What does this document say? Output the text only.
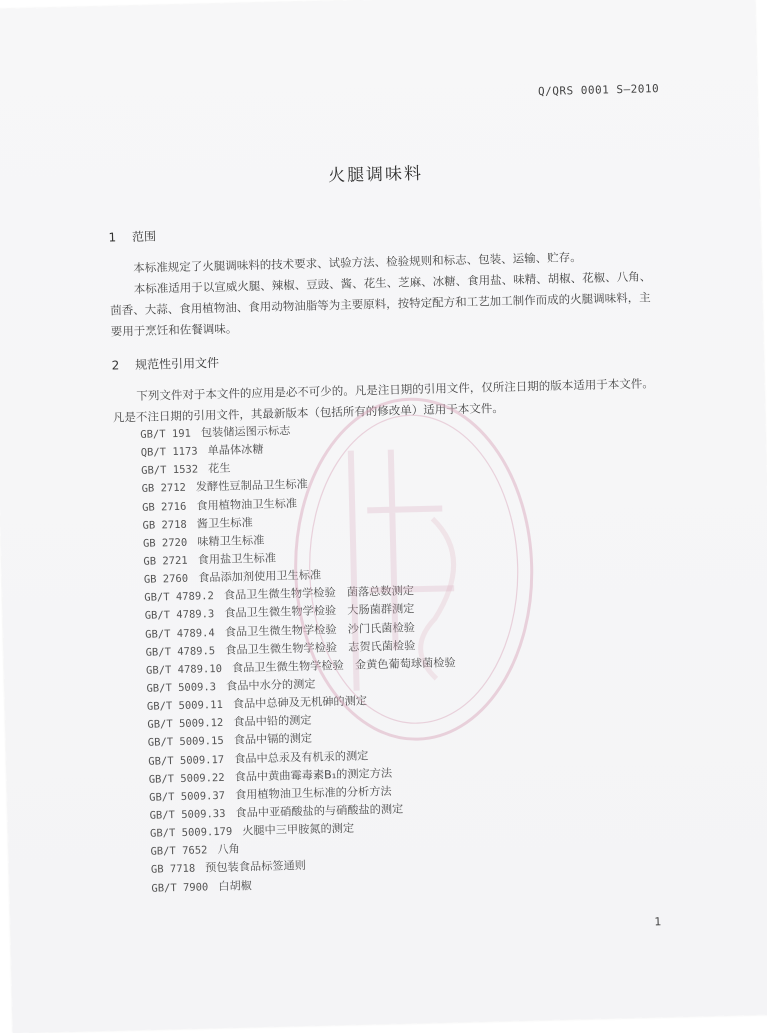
Q/QRS 0001 S—2010
火腿调味料
1 范围
本标准规定了火腿调味料的技术要求、试验方法、检验规则和标志、包装、运输、贮存。
本标准适用于以宣威火腿、辣椒、豆豉、酱、花生、芝麻、冰糖、食用盐、味精、胡椒、花椒、八角、茴香、大蒜、食用植物油、食用动物油脂等为主要原料，按特定配方和工艺加工制作而成的火腿调味料，主要用于烹饪和佐餐调味。
2 规范性引用文件
下列文件对于本文件的应用是必不可少的。凡是注日期的引用文件，仅所注日期的版本适用于本文件。凡是不注日期的引用文件，其最新版本（包括所有的修改单）适用于本文件。
GB/T 191 包装储运图示标志
QB/T 1173 单晶体冰糖
GB/T 1532 花生
GB 2712 发酵性豆制品卫生标准
GB 2716 食用植物油卫生标准
GB 2718 酱卫生标准
GB 2720 味精卫生标准
GB 2721 食用盐卫生标准
GB 2760 食品添加剂使用卫生标准
GB/T 4789.2 食品卫生微生物学检验　菌落总数测定
GB/T 4789.3 食品卫生微生物学检验　大肠菌群测定
GB/T 4789.4 食品卫生微生物学检验　沙门氏菌检验
GB/T 4789.5 食品卫生微生物学检验　志贺氏菌检验
GB/T 4789.10 食品卫生微生物学检验　金黄色葡萄球菌检验
GB/T 5009.3 食品中水分的测定
GB/T 5009.11 食品中总砷及无机砷的测定
GB/T 5009.12 食品中铅的测定
GB/T 5009.15 食品中镉的测定
GB/T 5009.17 食品中总汞及有机汞的测定
GB/T 5009.22 食品中黄曲霉毒素B₁的测定方法
GB/T 5009.37 食用植物油卫生标准的分析方法
GB/T 5009.33 食品中亚硝酸盐的与硝酸盐的测定
GB/T 5009.179 火腿中三甲胺氮的测定
GB/T 7652 八角
GB 7718 预包装食品标签通则
GB/T 7900 白胡椒
1
